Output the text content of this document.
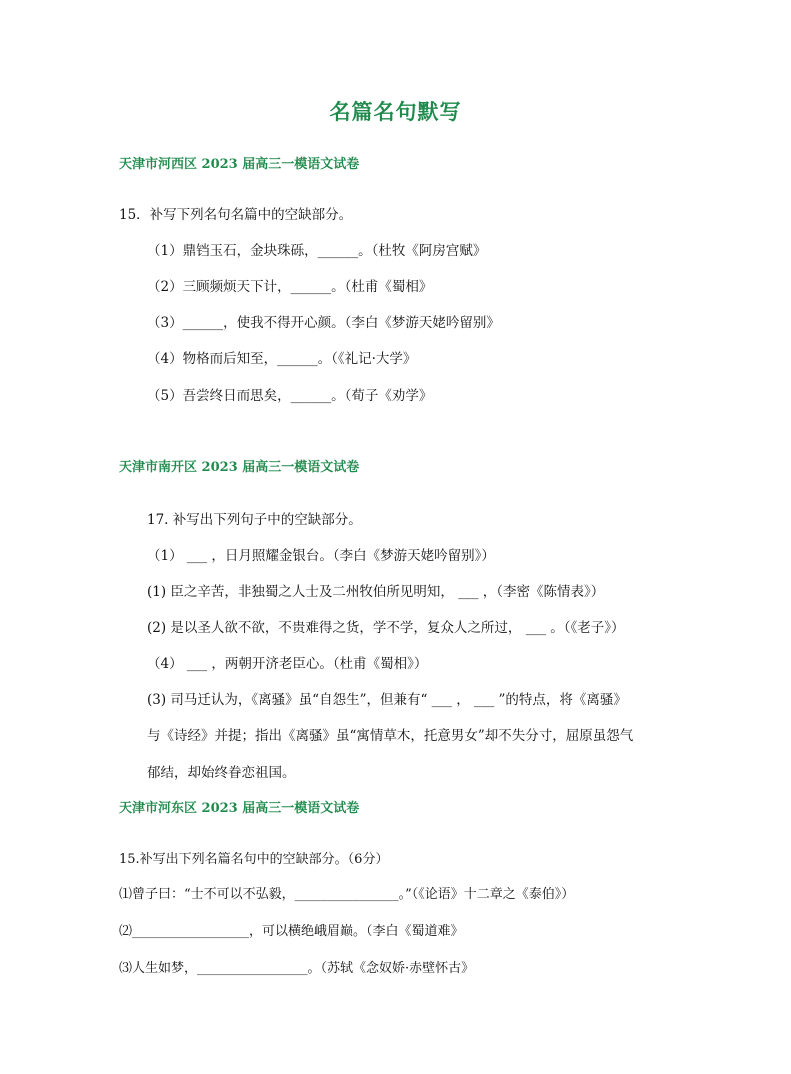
名篇名句默写
天津市河西区 2023 届高三一模语文试卷
15．补写下列名句名篇中的空缺部分。
（1）鼎铛玉石，金块珠砾，______。（杜牧《阿房宫赋》
（2）三顾频烦天下计，______。（杜甫《蜀相》
（3）______，使我不得开心颜。（李白《梦游天姥吟留别》
（4）物格而后知至，______。（《礼记·大学》
（5）吾尝终日而思矣，______。（荀子《劝学》
天津市南开区 2023 届高三一模语文试卷
17. 补写出下列句子中的空缺部分。
（1） ___ ，日月照耀金银台。（李白《梦游天姥吟留别》）
(1) 臣之辛苦，非独蜀之人士及二州牧伯所见明知， ___ ，（李密《陈情表》）
(2) 是以圣人欲不欲，不贵难得之货，学不学，复众人之所过， ___ 。（《老子》）
（4） ___ ，两朝开济老臣心。（杜甫《蜀相》）
(3) 司马迁认为，《离骚》虽“自怨生”，但兼有“ ___ ， ___ ”的特点，将《离骚》
与《诗经》并提；指出《离骚》虽“寓情草木，托意男女”却不失分寸，屈原虽怨气
郁结，却始终眷恋祖国。
天津市河东区 2023 届高三一模语文试卷
15.补写出下列名篇名句中的空缺部分。（6分）
⑴曾子曰：“士不可以不弘毅，________________。”（《论语》十二章之《泰伯》）
⑵__________________，可以横绝峨眉巅。（李白《蜀道难》
⑶人生如梦，_________________。（苏轼《念奴娇·赤壁怀古》
